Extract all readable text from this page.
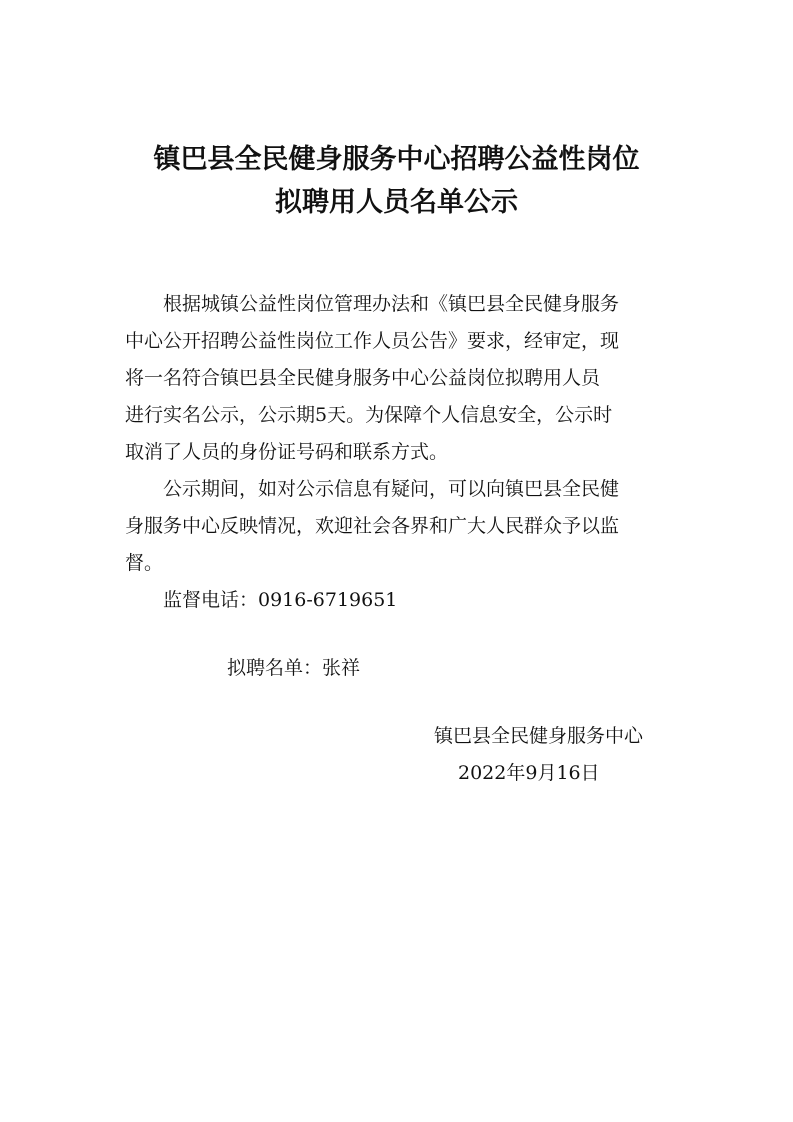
镇巴县全民健身服务中心招聘公益性岗位
拟聘用人员名单公示

根据城镇公益性岗位管理办法和《镇巴县全民健身服务

中心公开招聘公益性岗位工作人员公告》要求，经审定，现

将一名符合镇巴县全民健身服务中心公益岗位拟聘用人员

进行实名公示，公示期5天。为保障个人信息安全，公示时

取消了人员的身份证号码和联系方式。

公示期间，如对公示信息有疑问，可以向镇巴县全民健

身服务中心反映情况，欢迎社会各界和广大人民群众予以监

督。

监督电话：0916-6719651

拟聘名单：张祥

镇巴县全民健身服务中心

2022年9月16日
